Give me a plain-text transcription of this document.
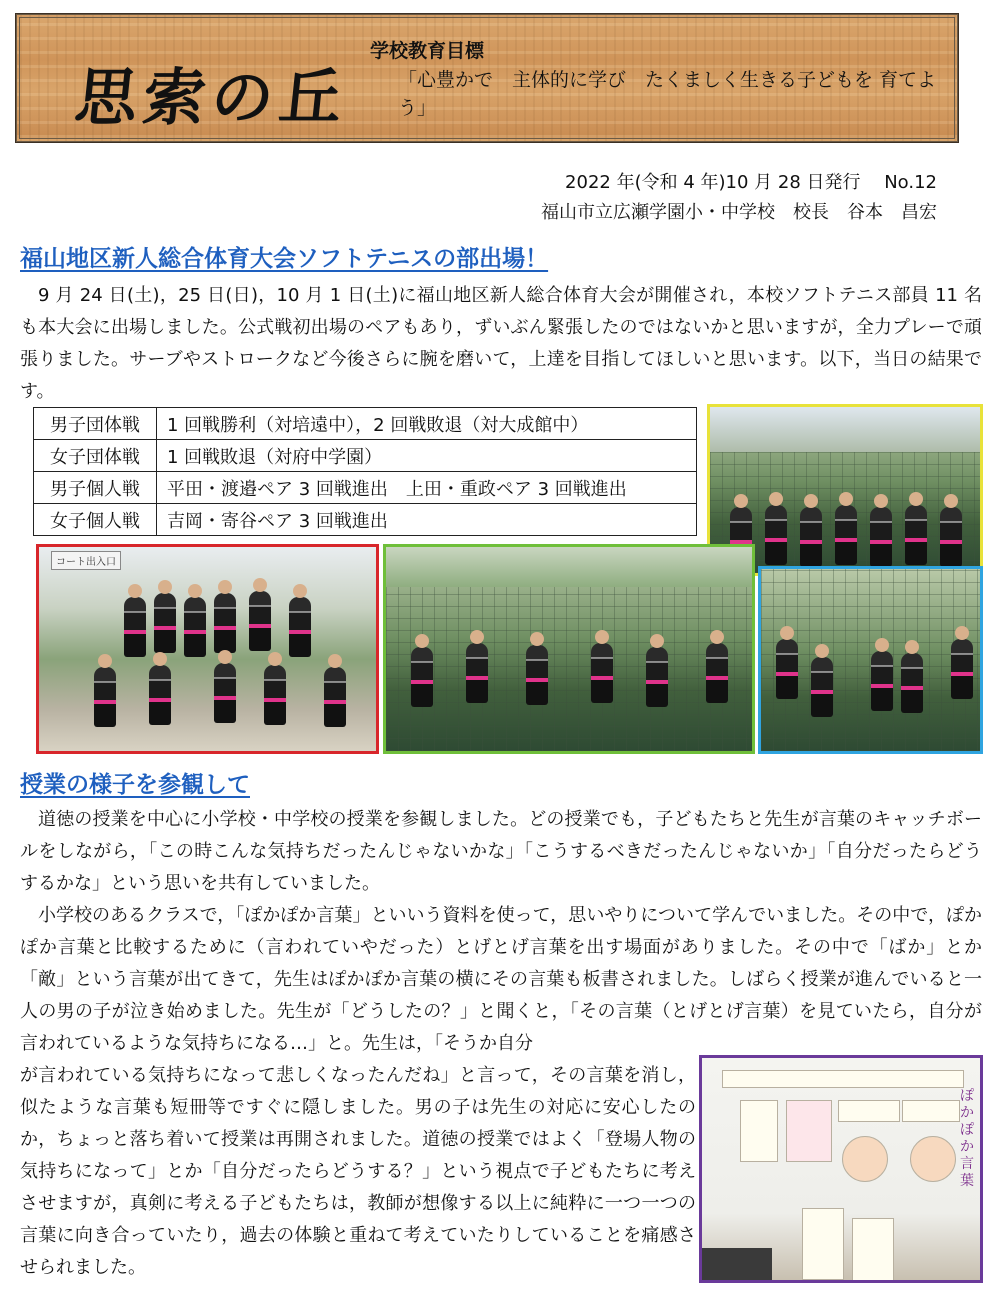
思索の丘
学校教育目標
「心豊かで　主体的に学び　たくましく生きる子どもを 育てよう」
2022 年(令和 4 年)10 月 28 日発行　 No.12
福山市立広瀬学園小・中学校　校長　谷本　昌宏
福山地区新人総合体育大会ソフトテニスの部出場！

9 月 24 日(土)，25 日(日)，10 月 1 日(土)に福山地区新人総合体育大会が開催され，本校ソフトテニス部員 11 名も本大会に出場しました。公式戦初出場のペアもあり，ずいぶん緊張したのではないかと思いますが，全力プレーで頑張りました。サーブやストロークなど今後さらに腕を磨いて，上達を目指してほしいと思います。以下，当日の結果です。

男子団体戦	1 回戦勝利（対培遠中），2 回戦敗退（対大成館中）
女子団体戦	1 回戦敗退（対府中学園）
男子個人戦	平田・渡邉ペア 3 回戦進出　上田・重政ペア 3 回戦進出
女子個人戦	吉岡・寄谷ペア 3 回戦進出
コート出入口
授業の様子を参観して

道徳の授業を中心に小学校・中学校の授業を参観しました。どの授業でも，子どもたちと先生が言葉のキャッチボールをしながら，「この時こんな気持ちだったんじゃないかな」「こうするべきだったんじゃないか」「自分だったらどうするかな」という思いを共有していました。

小学校のあるクラスで，「ぽかぽか言葉」といいう資料を使って，思いやりについて学んでいました。その中で，ぽかぽか言葉と比較するために（言われていやだった）とげとげ言葉を出す場面がありました。その中で「ばか」とか「敵」という言葉が出てきて，先生はぽかぽか言葉の横にその言葉も板書されました。しばらく授業が進んでいると一人の男の子が泣き始めました。先生が「どうしたの？」と聞くと，「その言葉（とげとげ言葉）を見ていたら，自分が言われているような気持ちになる…」と。先生は，「そうか自分

が言われている気持ちになって悲しくなったんだね」と言って，その言葉を消し，似たような言葉も短冊等ですぐに隠しました。男の子は先生の対応に安心したのか，ちょっと落ち着いて授業は再開されました。道徳の授業ではよく「登場人物の気持ちになって」とか「自分だったらどうする？」という視点で子どもたちに考えさせますが，真剣に考える子どもたちは，教師が想像する以上に純粋に一つ一つの言葉に向き合っていたり，過去の体験と重ねて考えていたりしていることを痛感させられました。

ぽかぽか言葉
